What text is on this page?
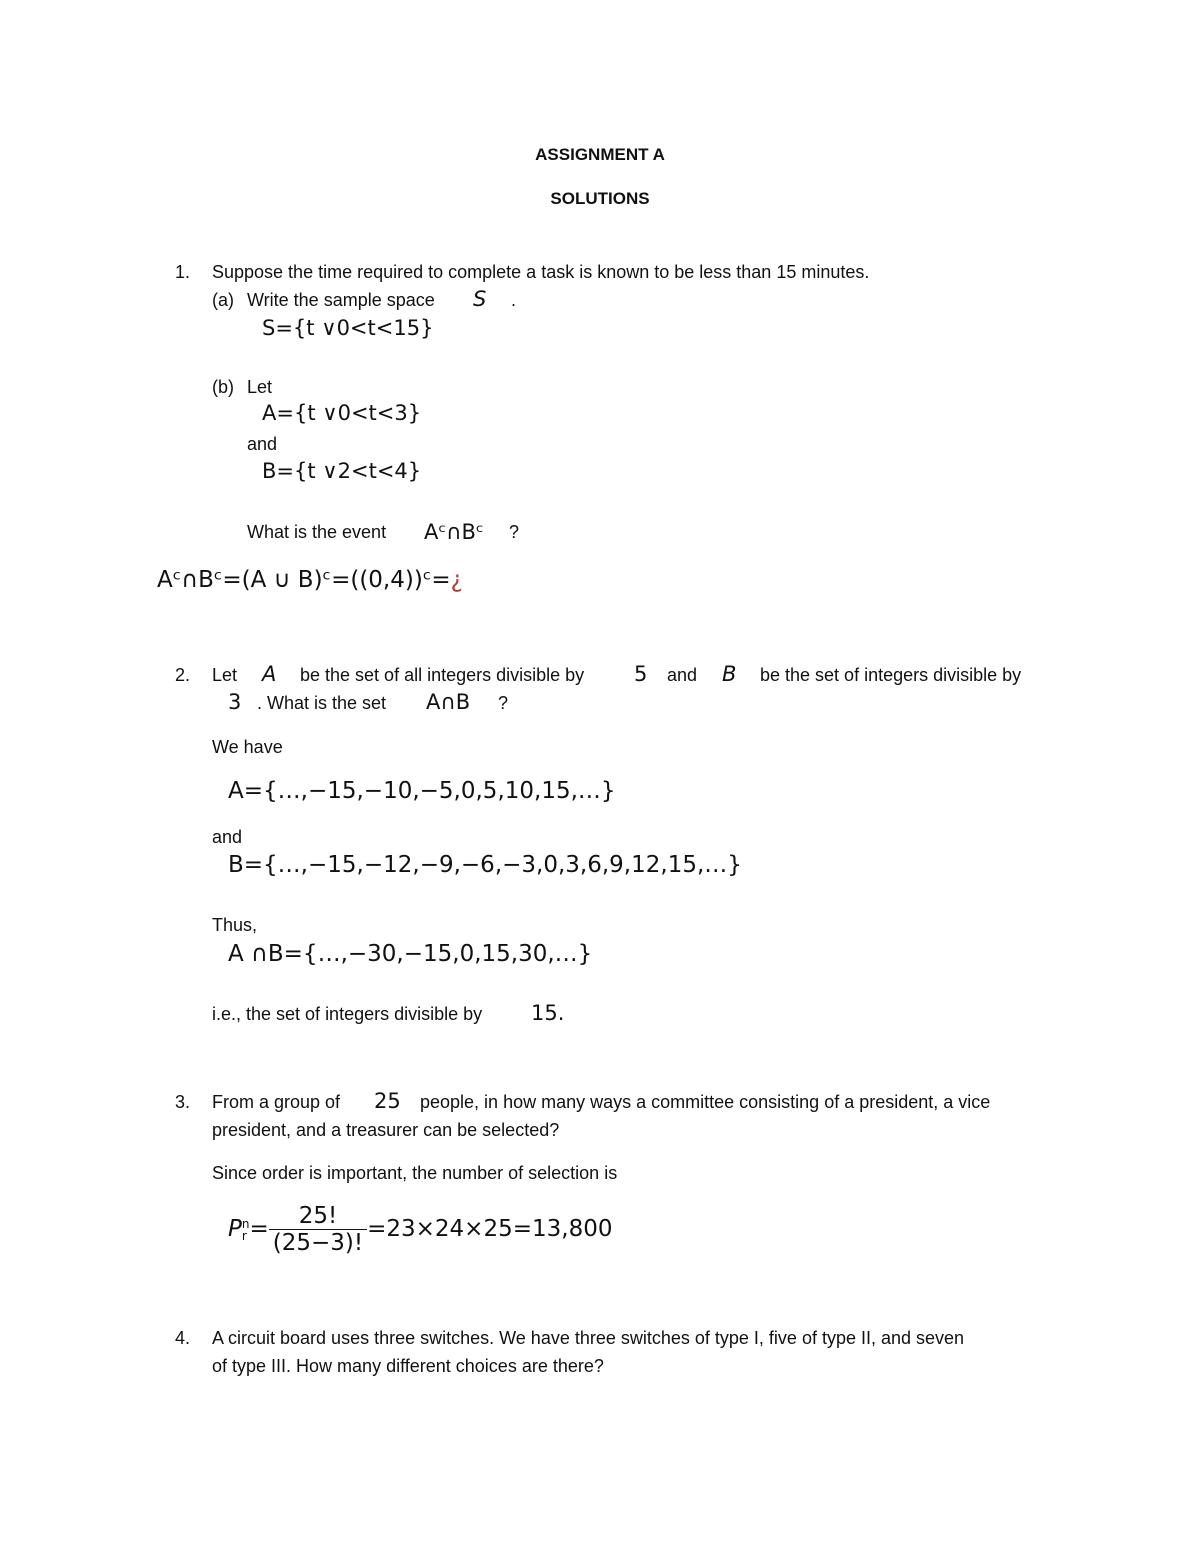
ASSIGNMENT A
SOLUTIONS
1. Suppose the time required to complete a task is known to be less than 15 minutes.
(a) Write the sample space S .
S={t ∨0<t<15}
(b) Let
A={t ∨0<t<3}
and
B={t ∨2<t<4}
What is the event Aᶜ∩Bᶜ ?
Aᶜ∩Bᶜ=(A ∪ B)ᶜ=((0,4))ᶜ=¿
2. Let A be the set of all integers divisible by 5 and B be the set of integers divisible by
3 . What is the set A∩B ?
We have
A={…,−15,−10,−5,0,5,10,15,…}
and
B={…,−15,−12,−9,−6,−3,0,3,6,9,12,15,…}
Thus,
A ∩B={…,−30,−15,0,15,30,…}
i.e., the set of integers divisible by 15.
3. From a group of 25 people, in how many ways a committee consisting of a president, a vice
president, and a treasurer can be selected?
Since order is important, the number of selection is
P n
$r = \frac{25!}{(25-3)!} =23\times 24\times 25=13,800$
4. A circuit board uses three switches. We have three switches of type I, five of type II, and seven
of type III. How many different choices are there?
